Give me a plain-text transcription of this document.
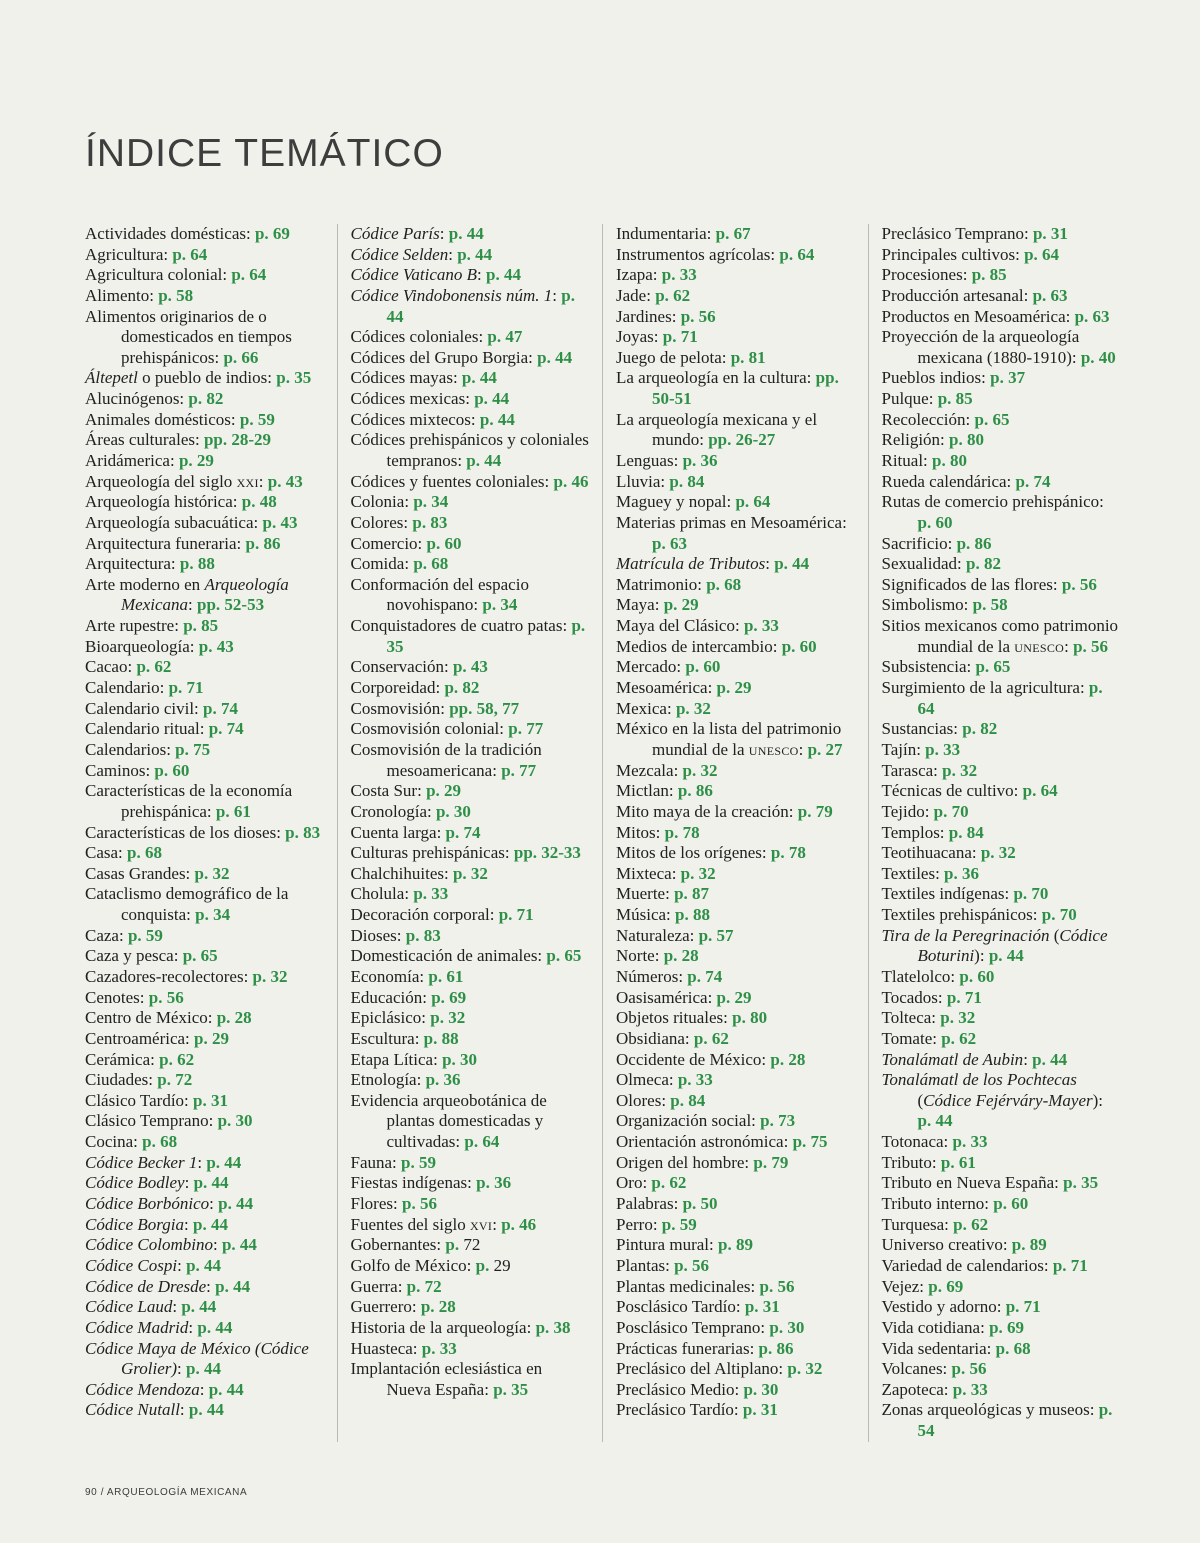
ÍNDICE TEMÁTICO
Actividades domésticas: p. 69
Agricultura: p. 64
Agricultura colonial: p. 64
Alimento: p. 58
Alimentos originarios de o domesticados en tiempos prehispánicos: p. 66
Áltepetl o pueblo de indios: p. 35
Alucinógenos: p. 82
Animales domésticos: p. 59
Áreas culturales: pp. 28-29
Aridámerica: p. 29
Arqueología del siglo xxi: p. 43
Arqueología histórica: p. 48
Arqueología subacuática: p. 43
Arquitectura funeraria: p. 86
Arquitectura: p. 88
Arte moderno en Arqueología Mexicana: pp. 52-53
Arte rupestre: p. 85
Bioarqueología: p. 43
Cacao: p. 62
Calendario: p. 71
Calendario civil: p. 74
Calendario ritual: p. 74
Calendarios: p. 75
Caminos: p. 60
Características de la economía prehispánica: p. 61
Características de los dioses: p. 83
Casa: p. 68
Casas Grandes: p. 32
Cataclismo demográfico de la conquista: p. 34
Caza: p. 59
Caza y pesca: p. 65
Cazadores-recolectores: p. 32
Cenotes: p. 56
Centro de México: p. 28
Centroamérica: p. 29
Cerámica: p. 62
Ciudades: p. 72
Clásico Tardío: p. 31
Clásico Temprano: p. 30
Cocina: p. 68
Códice Becker 1: p. 44
Códice Bodley: p. 44
Códice Borbónico: p. 44
Códice Borgia: p. 44
Códice Colombino: p. 44
Códice Cospi: p. 44
Códice de Dresde: p. 44
Códice Laud: p. 44
Códice Madrid: p. 44
Códice Maya de México (Códice Grolier): p. 44
Códice Mendoza: p. 44
Códice Nutall: p. 44
Códice París: p. 44
Códice Selden: p. 44
Códice Vaticano B: p. 44
Códice Vindobonensis núm. 1: p. 44
Códices coloniales: p. 47
Códices del Grupo Borgia: p. 44
Códices mayas: p. 44
Códices mexicas: p. 44
Códices mixtecos: p. 44
Códices prehispánicos y coloniales tempranos: p. 44
Códices y fuentes coloniales: p. 46
Colonia: p. 34
Colores: p. 83
Comercio: p. 60
Comida: p. 68
Conformación del espacio novohispano: p. 34
Conquistadores de cuatro patas: p. 35
Conservación: p. 43
Corporeidad: p. 82
Cosmovisión: pp. 58, 77
Cosmovisión colonial: p. 77
Cosmovisión de la tradición mesoamericana: p. 77
Costa Sur: p. 29
Cronología: p. 30
Cuenta larga: p. 74
Culturas prehispánicas: pp. 32-33
Chalchihuites: p. 32
Cholula: p. 33
Decoración corporal: p. 71
Dioses: p. 83
Domesticación de animales: p. 65
Economía: p. 61
Educación: p. 69
Epiclásico: p. 32
Escultura: p. 88
Etapa Lítica: p. 30
Etnología: p. 36
Evidencia arqueobotánica de plantas domesticadas y cultivadas: p. 64
Fauna: p. 59
Fiestas indígenas: p. 36
Flores: p. 56
Fuentes del siglo xvi: p. 46
Gobernantes: p. 72
Golfo de México: p. 29
Guerra: p. 72
Guerrero: p. 28
Historia de la arqueología: p. 38
Huasteca: p. 33
Implantación eclesiástica en Nueva España: p. 35
Indumentaria: p. 67
Instrumentos agrícolas: p. 64
Izapa: p. 33
Jade: p. 62
Jardines: p. 56
Joyas: p. 71
Juego de pelota: p. 81
La arqueología en la cultura: pp. 50-51
La arqueología mexicana y el mundo: pp. 26-27
Lenguas: p. 36
Lluvia: p. 84
Maguey y nopal: p. 64
Materias primas en Mesoamérica: p. 63
Matrícula de Tributos: p. 44
Matrimonio: p. 68
Maya: p. 29
Maya del Clásico: p. 33
Medios de intercambio: p. 60
Mercado: p. 60
Mesoamérica: p. 29
Mexica: p. 32
México en la lista del patrimonio mundial de la unesco: p. 27
Mezcala: p. 32
Mictlan: p. 86
Mito maya de la creación: p. 79
Mitos: p. 78
Mitos de los orígenes: p. 78
Mixteca: p. 32
Muerte: p. 87
Música: p. 88
Naturaleza: p. 57
Norte: p. 28
Números: p. 74
Oasisamérica: p. 29
Objetos rituales: p. 80
Obsidiana: p. 62
Occidente de México: p. 28
Olmeca: p. 33
Olores: p. 84
Organización social: p. 73
Orientación astronómica: p. 75
Origen del hombre: p. 79
Oro: p. 62
Palabras: p. 50
Perro: p. 59
Pintura mural: p. 89
Plantas: p. 56
Plantas medicinales: p. 56
Posclásico Tardío: p. 31
Posclásico Temprano: p. 30
Prácticas funerarias: p. 86
Preclásico del Altiplano: p. 32
Preclásico Medio: p. 30
Preclásico Tardío: p. 31
Preclásico Temprano: p. 31
Principales cultivos: p. 64
Procesiones: p. 85
Producción artesanal: p. 63
Productos en Mesoamérica: p. 63
Proyección de la arqueología mexicana (1880-1910): p. 40
Pueblos indios: p. 37
Pulque: p. 85
Recolección: p. 65
Religión: p. 80
Ritual: p. 80
Rueda calendárica: p. 74
Rutas de comercio prehispánico: p. 60
Sacrificio: p. 86
Sexualidad: p. 82
Significados de las flores: p. 56
Simbolismo: p. 58
Sitios mexicanos como patrimonio mundial de la unesco: p. 56
Subsistencia: p. 65
Surgimiento de la agricultura: p. 64
Sustancias: p. 82
Tajín: p. 33
Tarasca: p. 32
Técnicas de cultivo: p. 64
Tejido: p. 70
Templos: p. 84
Teotihuacana: p. 32
Textiles: p. 36
Textiles indígenas: p. 70
Textiles prehispánicos: p. 70
Tira de la Peregrinación (Códice Boturini): p. 44
Tlatelolco: p. 60
Tocados: p. 71
Tolteca: p. 32
Tomate: p. 62
Tonalámatl de Aubin: p. 44
Tonalámatl de los Pochtecas (Códice Fejérváry-Mayer): p. 44
Totonaca: p. 33
Tributo: p. 61
Tributo en Nueva España: p. 35
Tributo interno: p. 60
Turquesa: p. 62
Universo creativo: p. 89
Variedad de calendarios: p. 71
Vejez: p. 69
Vestido y adorno: p. 71
Vida cotidiana: p. 69
Vida sedentaria: p. 68
Volcanes: p. 56
Zapoteca: p. 33
Zonas arqueológicas y museos: p. 54
90 / ARQUEOLOGÍA MEXICANA
